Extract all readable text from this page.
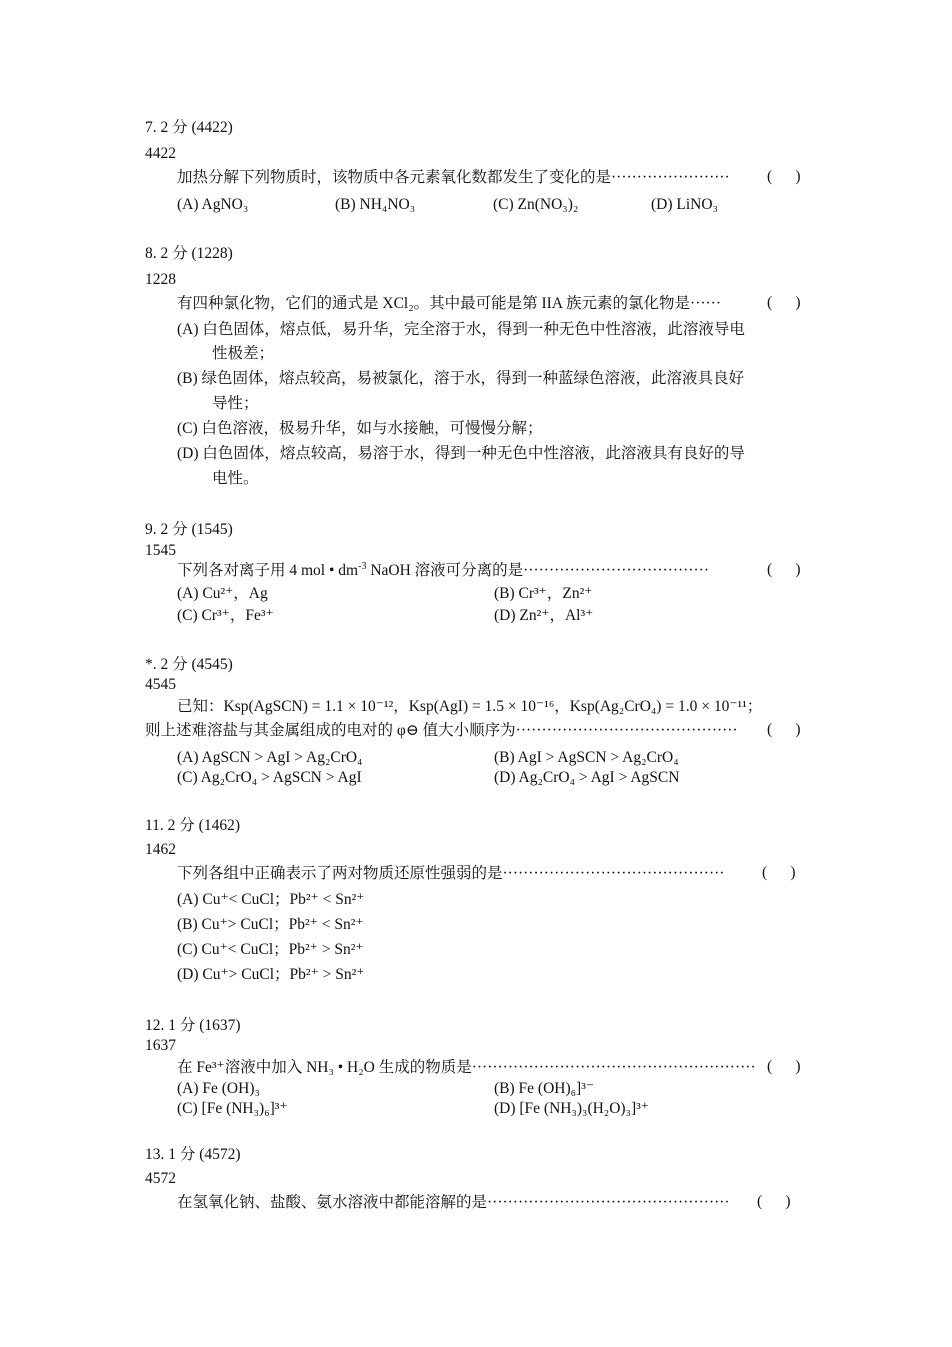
7. 2 分 (4422)
4422
加热分解下列物质时，该物质中各元素氧化数都发生了变化的是······················· (      )
(A) AgNO₃	(B) NH₄NO₃	(C) Zn(NO₃)₂	(D) LiNO₃
8. 2 分 (1228)
1228
有四种氯化物，它们的通式是 XCl₂。其中最可能是第 IIA 族元素的氯化物是······	(      )
(A) 白色固体，熔点低，易升华，完全溶于水，得到一种无色中性溶液，此溶液导电
性极差；
(B) 绿色固体，熔点较高，易被氯化，溶于水，得到一种蓝绿色溶液，此溶液具良好
导性；
(C) 白色溶液，极易升华，如与水接触，可慢慢分解；
(D) 白色固体，熔点较高，易溶于水，得到一种无色中性溶液，此溶液具有良好的导
电性。
9. 2 分 (1545)
1545
下列各对离子用 4 mol • $dm^{-3}$ NaOH 溶液可分离的是····································	(      )
(A) Cu²⁺，Ag	(B) Cr³⁺，Zn²⁺
(C) Cr³⁺，Fe³⁺	(D) Zn²⁺，Al³⁺
*. 2 分 (4545)
4545
已知：Ksp(AgSCN) = 1.1 × 10⁻¹²，Ksp(AgI) = 1.5 × 10⁻¹⁶，Ksp(Ag₂CrO₄) = 1.0 × 10⁻¹¹；
则上述难溶盐与其金属组成的电对的 φ⊖ 值大小顺序为··········································· (      )
(A) AgSCN > AgI > Ag₂CrO₄	(B) AgI > AgSCN > Ag₂CrO₄
(C) Ag₂CrO₄ > AgSCN > AgI	(D) Ag₂CrO₄ > AgI > AgSCN
11. 2 分 (1462)
1462
下列各组中正确表示了两对物质还原性强弱的是··········································· (      )
(A) Cu⁺< CuCl；Pb²⁺ < Sn²⁺
(B) Cu⁺> CuCl；Pb²⁺ < Sn²⁺
(C) Cu⁺< CuCl；Pb²⁺ > Sn²⁺
(D) Cu⁺> CuCl；Pb²⁺ > Sn²⁺
12. 1 分 (1637)
1637
在 Fe³⁺溶液中加入 NH₃ • H₂O 生成的物质是······················································· (      )
(A) Fe (OH)₃	(B) Fe (OH)₆]³⁻
(C) [Fe (NH₃)₆]³⁺	(D) [Fe (NH₃)₃(H₂O)₃]³⁺
13. 1 分 (4572)
4572
在氢氧化钠、盐酸、氨水溶液中都能溶解的是··············································· (      )
